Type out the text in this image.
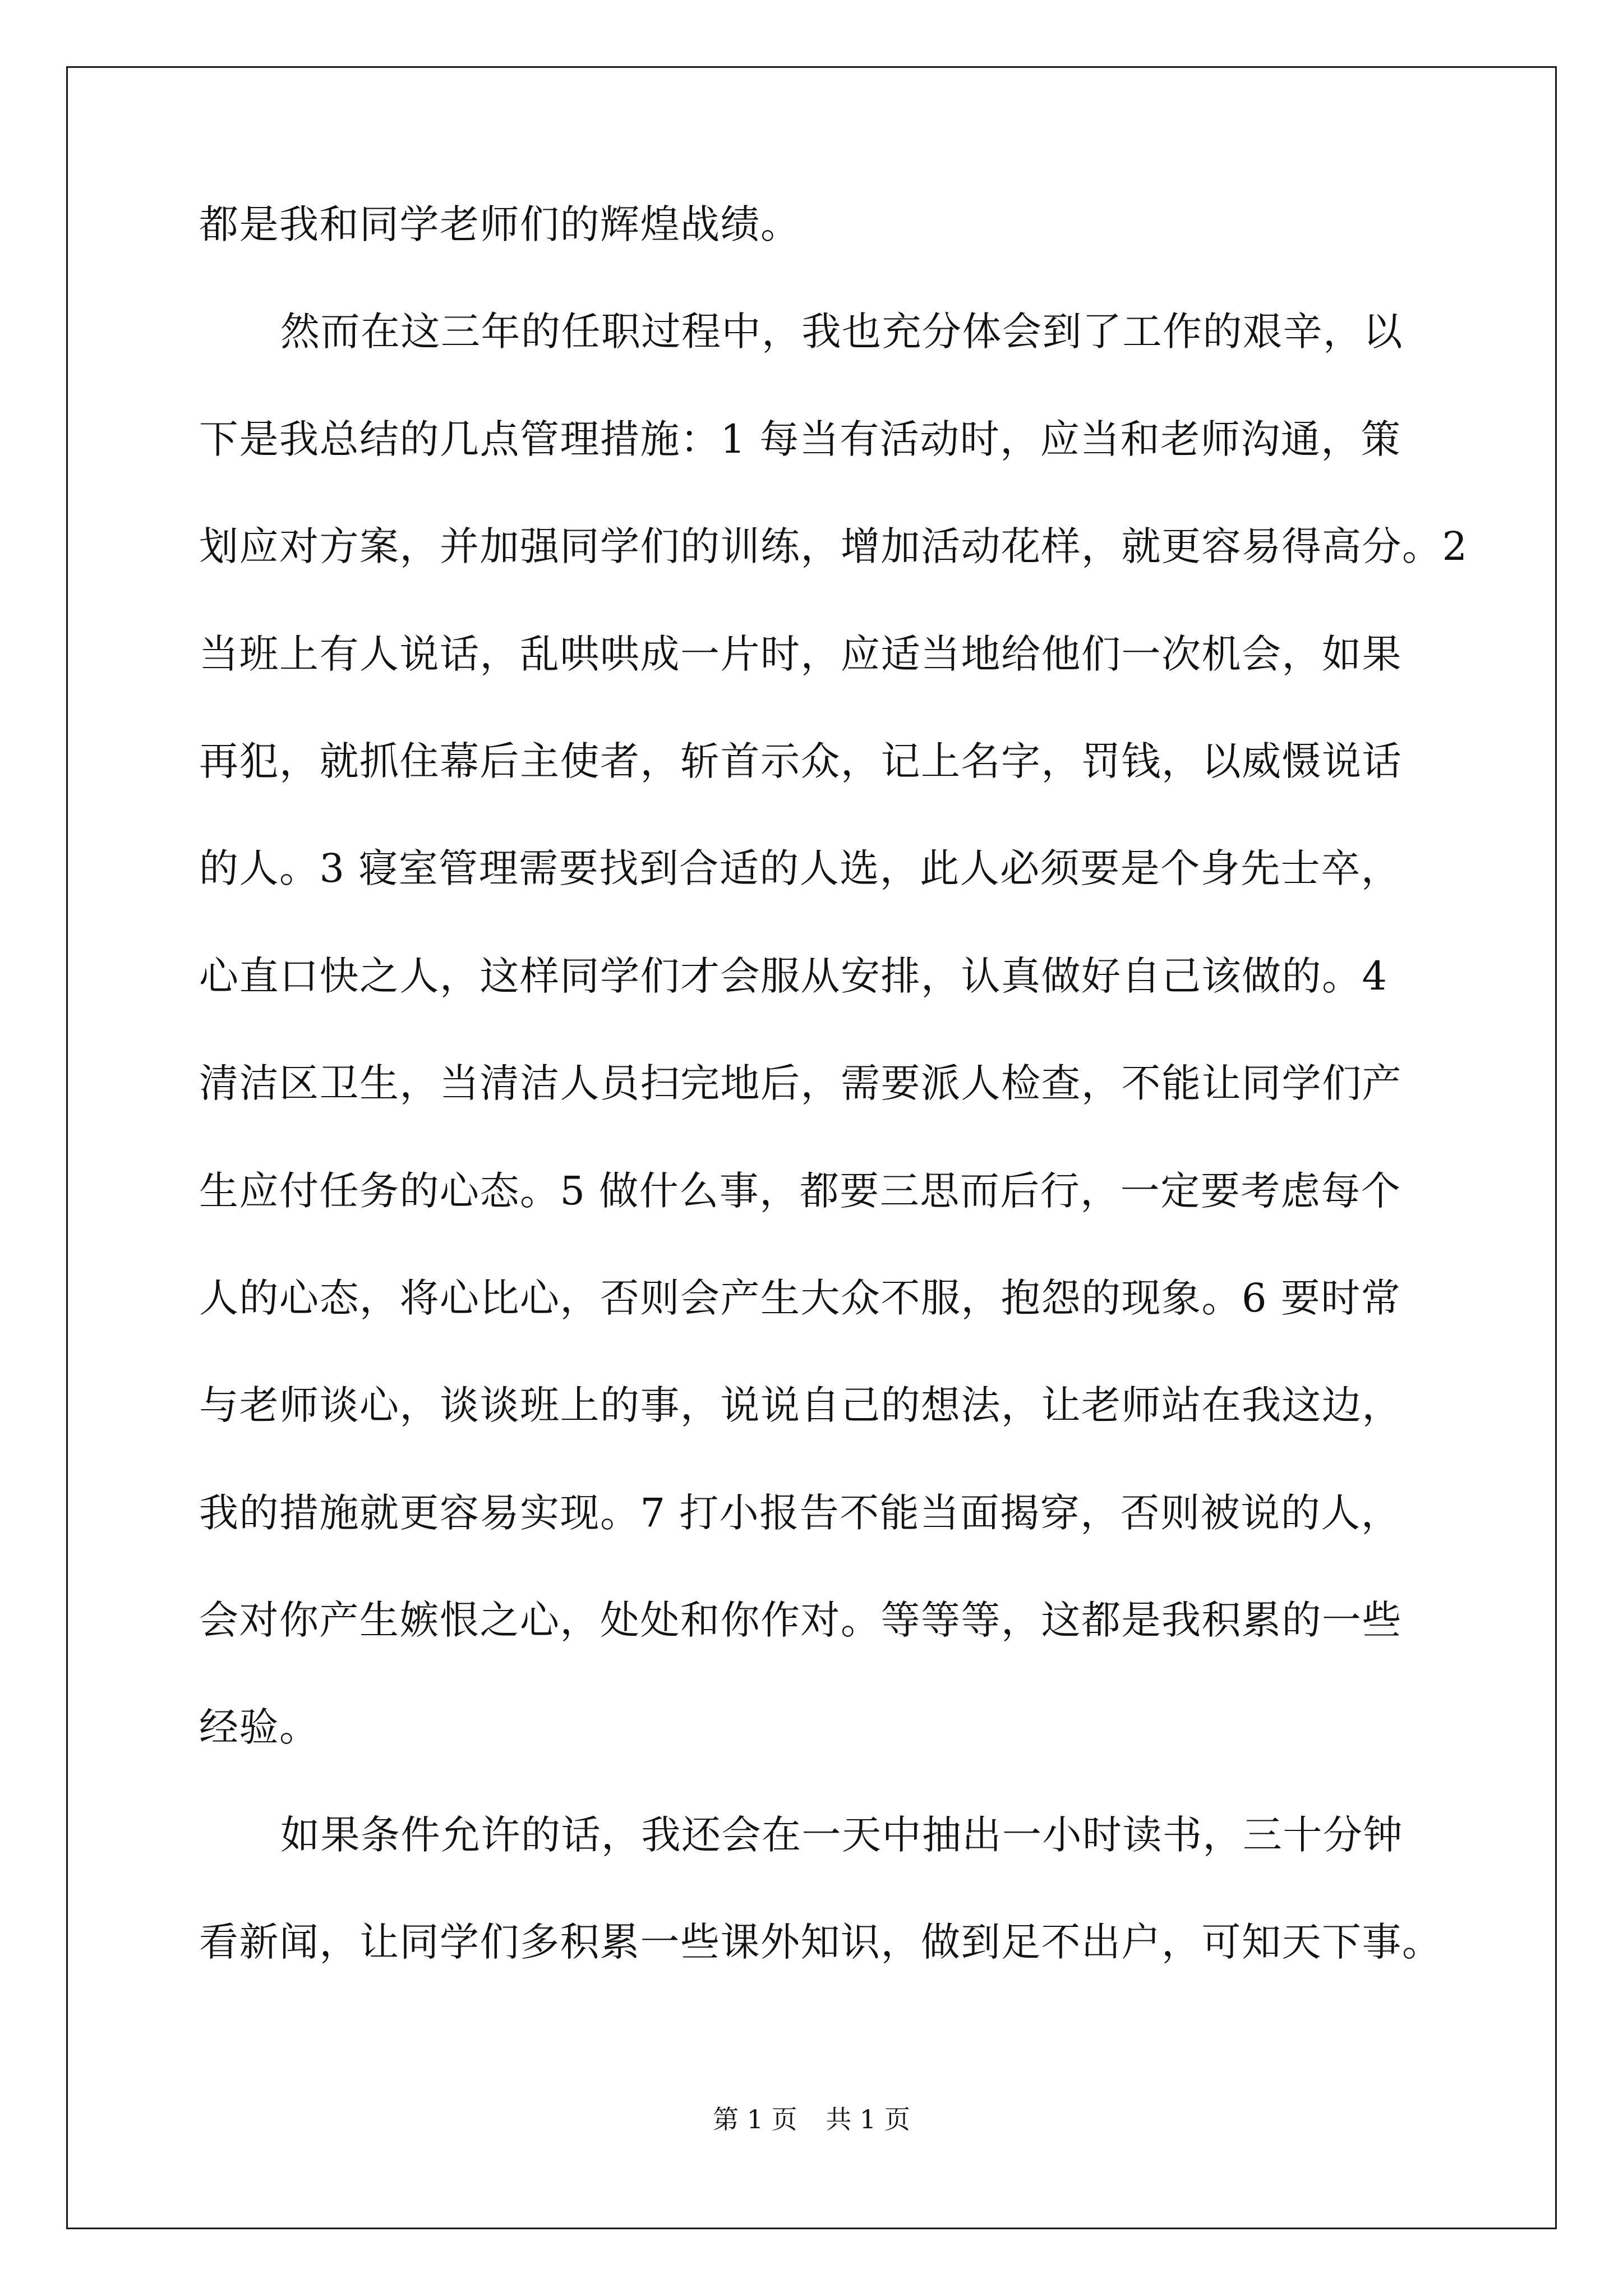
都是我和同学老师们的辉煌战绩。
然而在这三年的任职过程中，我也充分体会到了工作的艰辛，以
下是我总结的几点管理措施：1 每当有活动时，应当和老师沟通，策
划应对方案，并加强同学们的训练，增加活动花样，就更容易得高分。2
当班上有人说话，乱哄哄成一片时，应适当地给他们一次机会，如果
再犯，就抓住幕后主使者，斩首示众，记上名字，罚钱，以威慑说话
的人。3 寝室管理需要找到合适的人选，此人必须要是个身先士卒，
心直口快之人，这样同学们才会服从安排，认真做好自己该做的。4
清洁区卫生，当清洁人员扫完地后，需要派人检查，不能让同学们产
生应付任务的心态。5 做什么事，都要三思而后行，一定要考虑每个
人的心态，将心比心，否则会产生大众不服，抱怨的现象。6 要时常
与老师谈心，谈谈班上的事，说说自己的想法，让老师站在我这边，
我的措施就更容易实现。7 打小报告不能当面揭穿，否则被说的人，
会对你产生嫉恨之心，处处和你作对。等等等，这都是我积累的一些
经验。
如果条件允许的话，我还会在一天中抽出一小时读书，三十分钟
看新闻，让同学们多积累一些课外知识，做到足不出户，可知天下事。
第 1 页 共 1 页
